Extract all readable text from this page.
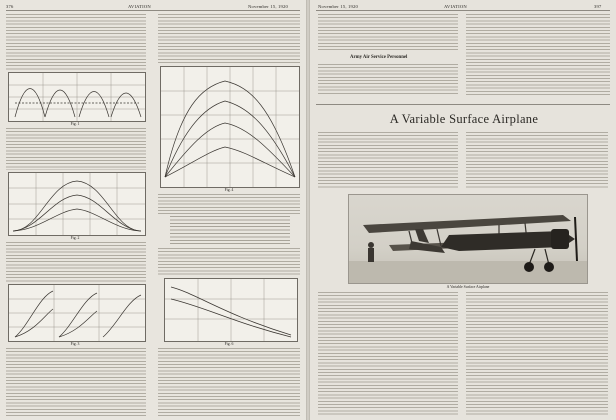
376	AVIATION	November 15, 1920
Fig. 1
Fig. 2
Fig. 3
Fig. 4
Fig. 6
November 15, 1920	AVIATION	397
Army Air Service Personnel
A Variable Surface Airplane
A Variable Surface Airplane
